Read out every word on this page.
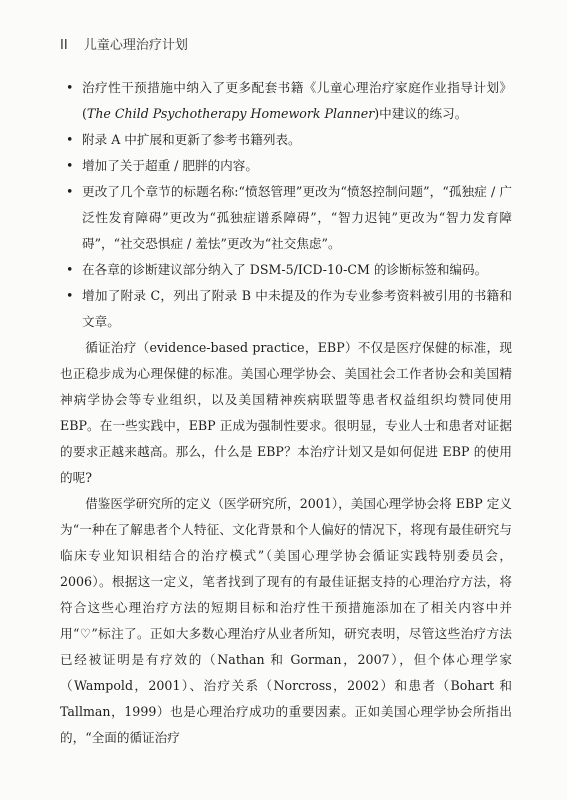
II 儿童心理治疗计划
• 治疗性干预措施中纳入了更多配套书籍《儿童心理治疗家庭作业指导计划》(The Child Psychotherapy Homework Planner)中建议的练习。
• 附录 A 中扩展和更新了参考书籍列表。
• 增加了关于超重 / 肥胖的内容。
• 更改了几个章节的标题名称:“愤怒管理”更改为“愤怒控制问题”，“孤独症 / 广泛性发育障碍”更改为“孤独症谱系障碍”，“智力迟钝”更改为“智力发育障碍”，“社交恐惧症 / 羞怯”更改为“社交焦虑”。
• 在各章的诊断建议部分纳入了 DSM-5/ICD-10-CM 的诊断标签和编码。
• 增加了附录 C，列出了附录 B 中未提及的作为专业参考资料被引用的书籍和文章。

循证治疗（evidence-based practice，EBP）不仅是医疗保健的标准，现也正稳步成为心理保健的标准。美国心理学协会、美国社会工作者协会和美国精神病学协会等专业组织，以及美国精神疾病联盟等患者权益组织均赞同使用 EBP。在一些实践中，EBP 正成为强制性要求。很明显，专业人士和患者对证据的要求正越来越高。那么，什么是 EBP？本治疗计划又是如何促进 EBP 的使用的呢?

借鉴医学研究所的定义（医学研究所，2001），美国心理学协会将 EBP 定义为“一种在了解患者个人特征、文化背景和个人偏好的情况下，将现有最佳研究与临床专业知识相结合的治疗模式”（美国心理学协会循证实践特别委员会，2006）。根据这一定义，笔者找到了现有的有最佳证据支持的心理治疗方法，将符合这些心理治疗方法的短期目标和治疗性干预措施添加在了相关内容中并用“♡”标注了。正如大多数心理治疗从业者所知，研究表明，尽管这些治疗方法已经被证明是有疗效的（Nathan 和 Gorman，2007），但个体心理学家（Wampold，2001）、治疗关系（Norcross，2002）和患者（Bohart 和 Tallman，1999）也是心理治疗成功的重要因素。正如美国心理学协会所指出的，“全面的循证治疗
